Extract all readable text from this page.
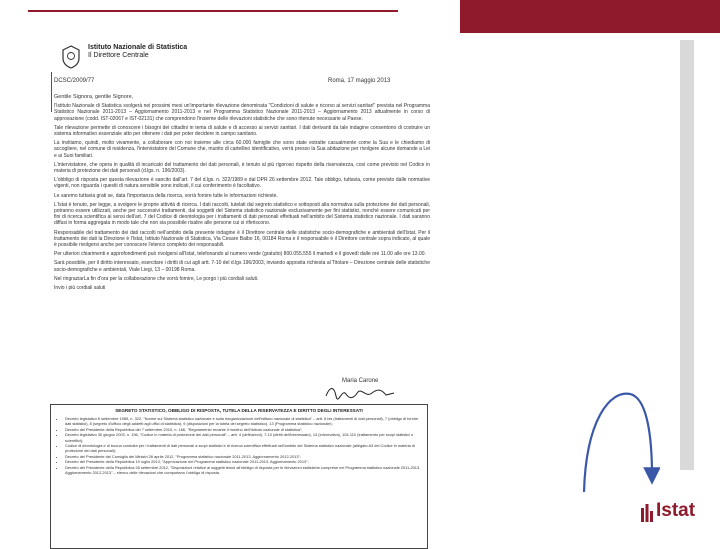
Istituto Nazionale di Statistica
Il Direttore Centrale
DCSC/2009/77	Roma, 17 maggio 2013

Gentile Signora, gentile Signore,

l'Istituto Nazionale di Statistica svolgerà nei prossimi mesi un'importante rilevazione denominata "Condizioni di salute e ricorso ai servizi sanitari" prevista nel Programma Statistico Nazionale 2011-2013 – Aggiornamento 2011-2013 e nel Programma Statistico Nazionale 2011-2013 – Aggiornamento 2013 attualmente in corso di approvazione (codd. IST-02067 e IST-02131) che comprendono l'insieme delle rilevazioni statistiche che sono ritenute necessarie al Paese.

Tale rilevazione permette di conoscere i bisogni dei cittadini in tema di salute e di accesso ai servizi sanitari. I dati derivanti da tale indagine consentono di costruire un sistema informativo essenziale atto per ottenere i dati per poter decidere in campo sanitario.

La invitiamo, quindi, molto vivamente, a collaborare con noi insieme alle circa 60.000 famiglie che sono state estratte casualmente come la Sua e le chiediamo di accogliere, nel comune di residenza, l'intervistatore del Comune che, munito di cartellino identificativo, verrà presso la Sua abitazione per rivolgere alcune domande a Lei e ai Suoi familiari.

L'intervistatore, che opera in qualità di incaricato del trattamento dei dati personali, è tenuto al più rigoroso rispetto della riservatezza, così come previsto nel Codice in materia di protezione dei dati personali (d.lgs. n. 196/2003).

L'obbligo di risposta per questa rilevazione è sancito dall'art. 7 del d.lgs. n. 322/1989 e dal DPR 26 settembre 2012. Tale obbligo, tuttavia, come previsto dalle normative vigenti, non riguarda i quesiti di natura sensibile sono indicati, il cui conferimento è facoltativo.

Le saremo tuttavia grati se, data l'importanza della ricerca, vorrà fornire tutte le informazioni richieste.

L'Istat è tenuto, per legge, a svolgere le proprie attività di ricerca. I dati raccolti, tutelati dal segreto statistico e sottoposti alla normativa sulla protezione dei dati personali, potranno essere utilizzati, anche per successivi trattamenti, dai soggetti del Sistema statistico nazionale esclusivamente per fini statistici, nonché essere comunicati per fini di ricerca scientifica ai sensi dell'art. 7 del Codice di deontologia per i trattamenti di dati personali effettuati nell'ambito del Sistema statistico nazionale. I dati saranno diffusi in forma aggregata in modo tale che non sia possibile risalire alle persone cui si riferiscono.

Responsabile del trattamento dei dati raccolti nell'ambito della presente indagine è il Direttore centrale delle statistiche socio-demografiche e ambientali dell'Istat. Per il trattamento dei dati la Direzione è l'Istat, Istituto Nazionale di Statistica, Via Cesare Balbo 16, 00184 Roma e il responsabile è il Direttore centrale sopra indicato, al quale è possibile rivolgersi anche per conoscere l'elenco completo dei responsabili.

Per ulteriori chiarimenti e approfondimenti può rivolgersi all'Istat, telefonando al numero verde (gratuito) 800.055.555 il martedì e il giovedì dalle ore 11.00 alle ore 13.00.

Sarà possibile, per il diritto interessato, esercitare i diritti di cui agli artt. 7-10 del d.lgs 196/2003, inviando apposita richiesta al Titolare – Direzione centrale delle statistiche socio-demografiche e ambientali, Viale Liegi, 13 – 00198 Roma.

Nel ringraziarLa fin d'ora per la collaborazione che vorrà fornire, Le porgo i più cordiali saluti.

Invio i più cordiali saluti

Maria Carone
SEGRETO STATISTICO, OBBLIGO DI RISPOSTA, TUTELA DELLA RISERVATEZZA E DIRITTO DEGLI INTERESSATI
• Decreto legislativo 6 settembre 1989, n. 322, "Norme sul Sistema statistico nazionale e sulla riorganizzazione dell'Istituto nazionale di statistica" – artt. 6 bis (trattamenti di dati personali), 7 (obbligo di fornire dati statistici), 8 (segreto d'ufficio degli addetti agli uffici di statistica), 9 (disposizioni per la tutela del segreto statistico), 13 (Programma statistico nazionale);
• Decreto del Presidente della Repubblica del 7 settembre 2010, n. 166, "Regolamento recante il riordino dell'Istituto nazionale di statistica";
• Decreto legislativo 30 giugno 2003, n. 196, "Codice in materia di protezione dei dati personali" – artt. 4 (definizioni), 7-10 (diritti dell'interessato), 13 (informativa), 104-110 (trattamento per scopi statistici o scientifici);
• Codice di deontologia e di buona condotta per i trattamenti di dati personali a scopi statistici e di ricerca scientifica effettuati nell'ambito del Sistema statistico nazionale (allegato A3 del Codice in materia di protezione dei dati personali);
• Decreto del Presidente del Consiglio dei Ministri 26 aprile 2012, "Programma statistico nazionale 2011-2013. Aggiornamento 2012-2013";
• Decreto del Presidente della Repubblica 19 luglio 2013, "Approvazione del Programma statistico nazionale 2011-2013. Aggiornamento 2013";
• Decreto del Presidente della Repubblica 26 settembre 2012, "Disposizioni relative ai soggetti tenuti all'obbligo di risposta per le rilevazioni statistiche comprese nel Programma statistico nazionale 2011-2013. Aggiornamento 2012-2013" – elenco delle rilevazioni che comportano l'obbligo di risposta.
Istat
